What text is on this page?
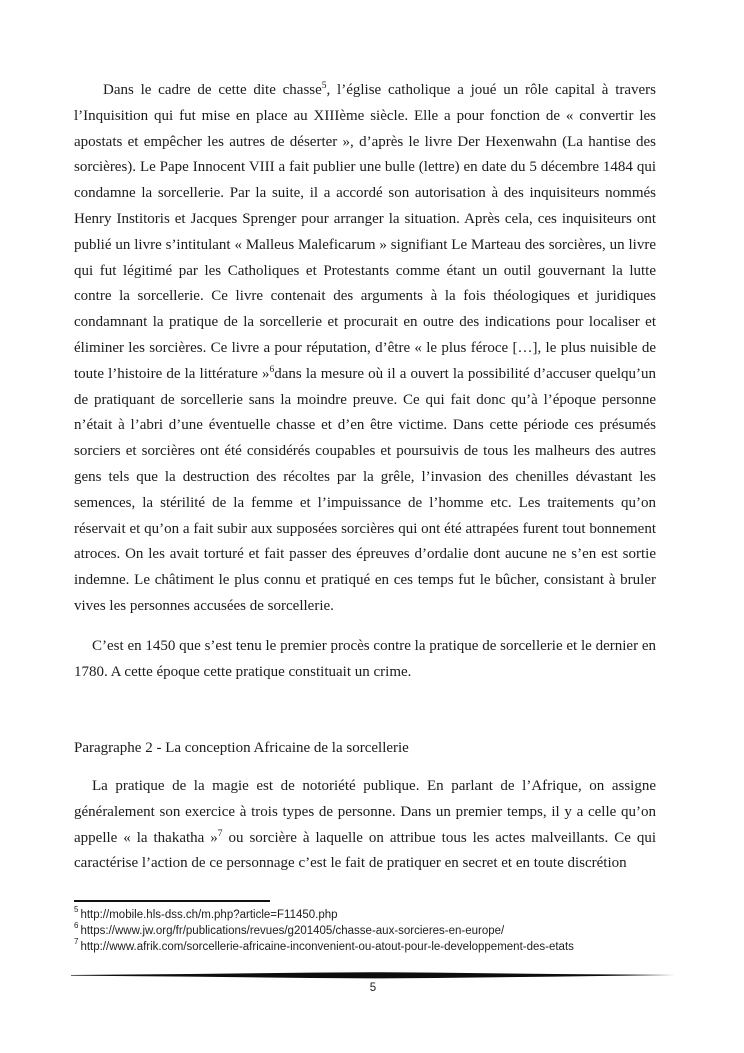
Dans le cadre de cette dite chasse$^5$, l’église catholique a joué un rôle capital à travers l’Inquisition qui fut mise en place au XIIIème siècle. Elle a pour fonction de « convertir les apostats et empêcher les autres de déserter », d’après le livre Der Hexenwahn (La hantise des sorcières). Le Pape Innocent VIII a fait publier une bulle (lettre) en date du 5 décembre 1484 qui condamne la sorcellerie. Par la suite, il a accordé son autorisation à des inquisiteurs nommés Henry Institoris et Jacques Sprenger pour arranger la situation. Après cela, ces inquisiteurs ont publié un livre s’intitulant « Malleus Maleficarum » signifiant Le Marteau des sorcières, un livre qui fut légitimé par les Catholiques et Protestants comme étant un outil gouvernant la lutte contre la sorcellerie. Ce livre contenait des arguments à la fois théologiques et juridiques condamnant la pratique de la sorcellerie et procurait en outre des indications pour localiser et éliminer les sorcières. Ce livre a pour réputation, d’être « le plus féroce […], le plus nuisible de toute l’histoire de la littérature »$^6$dans la mesure où il a ouvert la possibilité d’accuser quelqu’un de pratiquant de sorcellerie sans la moindre preuve. Ce qui fait donc qu’à l’époque personne n’était à l’abri d’une éventuelle chasse et d’en être victime. Dans cette période ces présumés sorciers et sorcières ont été considérés coupables et poursuivis de tous les malheurs des autres gens tels que la destruction des récoltes par la grêle, l’invasion des chenilles dévastant les semences, la stérilité de la femme et l’impuissance de l’homme etc. Les traitements qu’on réservait et qu’on a fait subir aux supposées sorcières qui ont été attrapées furent tout bonnement atroces. On les avait torturé et fait passer des épreuves d’ordalie dont aucune ne s’en est sortie indemne. Le châtiment le plus connu et pratiqué en ces temps fut le bûcher, consistant à bruler vives les personnes accusées de sorcellerie.

C’est en 1450 que s’est tenu le premier procès contre la pratique de sorcellerie et le dernier en 1780. A cette époque cette pratique constituait un crime.

Paragraphe 2 - La conception Africaine de la sorcellerie

La pratique de la magie est de notoriété publique. En parlant de l’Afrique, on assigne généralement son exercice à trois types de personne. Dans un premier temps, il y a celle qu’on appelle « la thakatha »$^7$ ou sorcière à laquelle on attribue tous les actes malveillants. Ce qui caractérise l’action de ce personnage c’est le fait de pratiquer en secret et en toute discrétion

$^5$ http://mobile.hls-dss.ch/m.php?article=F11450.php
$^6$ https://www.jw.org/fr/publications/revues/g201405/chasse-aux-sorcieres-en-europe/
$^7$ http://www.afrik.com/sorcellerie-africaine-inconvenient-ou-atout-pour-le-developpement-des-etats
5
